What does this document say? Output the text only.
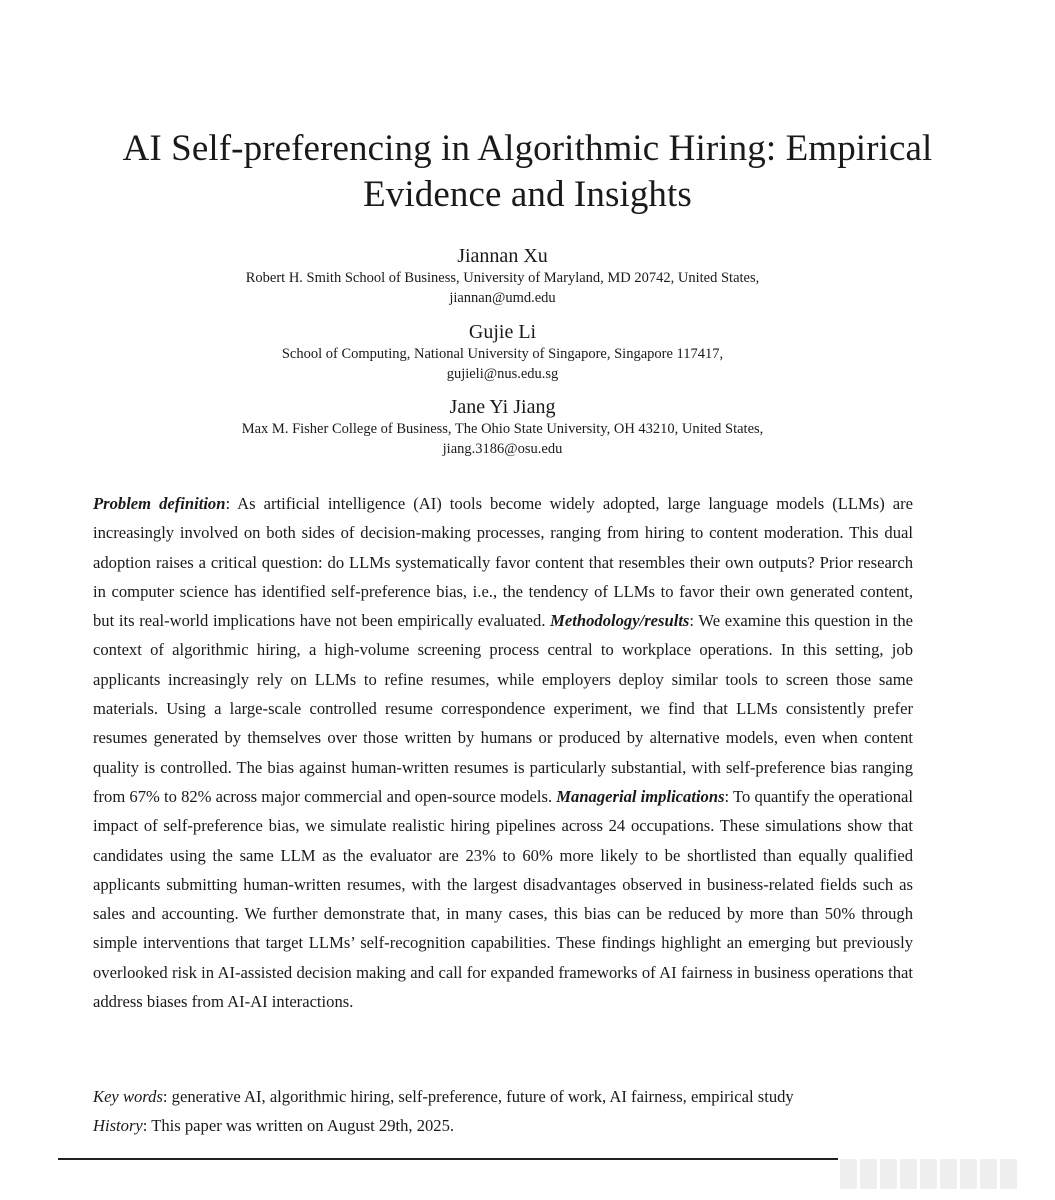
AI Self-preferencing in Algorithmic Hiring: Empirical
Evidence and Insights
Jiannan Xu
Robert H. Smith School of Business, University of Maryland, MD 20742, United States,
jiannan@umd.edu
Gujie Li
School of Computing, National University of Singapore, Singapore 117417,
gujieli@nus.edu.sg
Jane Yi Jiang
Max M. Fisher College of Business, The Ohio State University, OH 43210, United States,
jiang.3186@osu.edu

Problem definition: As artificial intelligence (AI) tools become widely adopted, large language models (LLMs) are increasingly involved on both sides of decision-making processes, ranging from hiring to content moderation. This dual adoption raises a critical question: do LLMs systematically favor content that resembles their own outputs? Prior research in computer science has identified self-preference bias, i.e., the tendency of LLMs to favor their own generated content, but its real-world implications have not been empirically evaluated. Methodology/results: We examine this question in the context of algorithmic hiring, a high-volume screening process central to workplace operations. In this setting, job applicants increasingly rely on LLMs to refine resumes, while employers deploy similar tools to screen those same materials. Using a large-scale controlled resume correspondence experiment, we find that LLMs consistently prefer resumes generated by themselves over those written by humans or produced by alternative models, even when content quality is controlled. The bias against human-written resumes is particularly substantial, with self-preference bias ranging from 67% to 82% across major commercial and open-source models. Managerial implications: To quantify the operational impact of self-preference bias, we simulate realistic hiring pipelines across 24 occupations. These simulations show that candidates using the same LLM as the evaluator are 23% to 60% more likely to be shortlisted than equally qualified applicants submitting human-written resumes, with the largest disadvantages observed in business-related fields such as sales and accounting. We further demonstrate that, in many cases, this bias can be reduced by more than 50% through simple interventions that target LLMs’ self-recognition capabilities. These findings highlight an emerging but previously overlooked risk in AI-assisted decision making and call for expanded frameworks of AI fairness in business operations that address biases from AI-AI interactions.

Key words: generative AI, algorithmic hiring, self-preference, future of work, AI fairness, empirical study

History: This paper was written on August 29th, 2025.
